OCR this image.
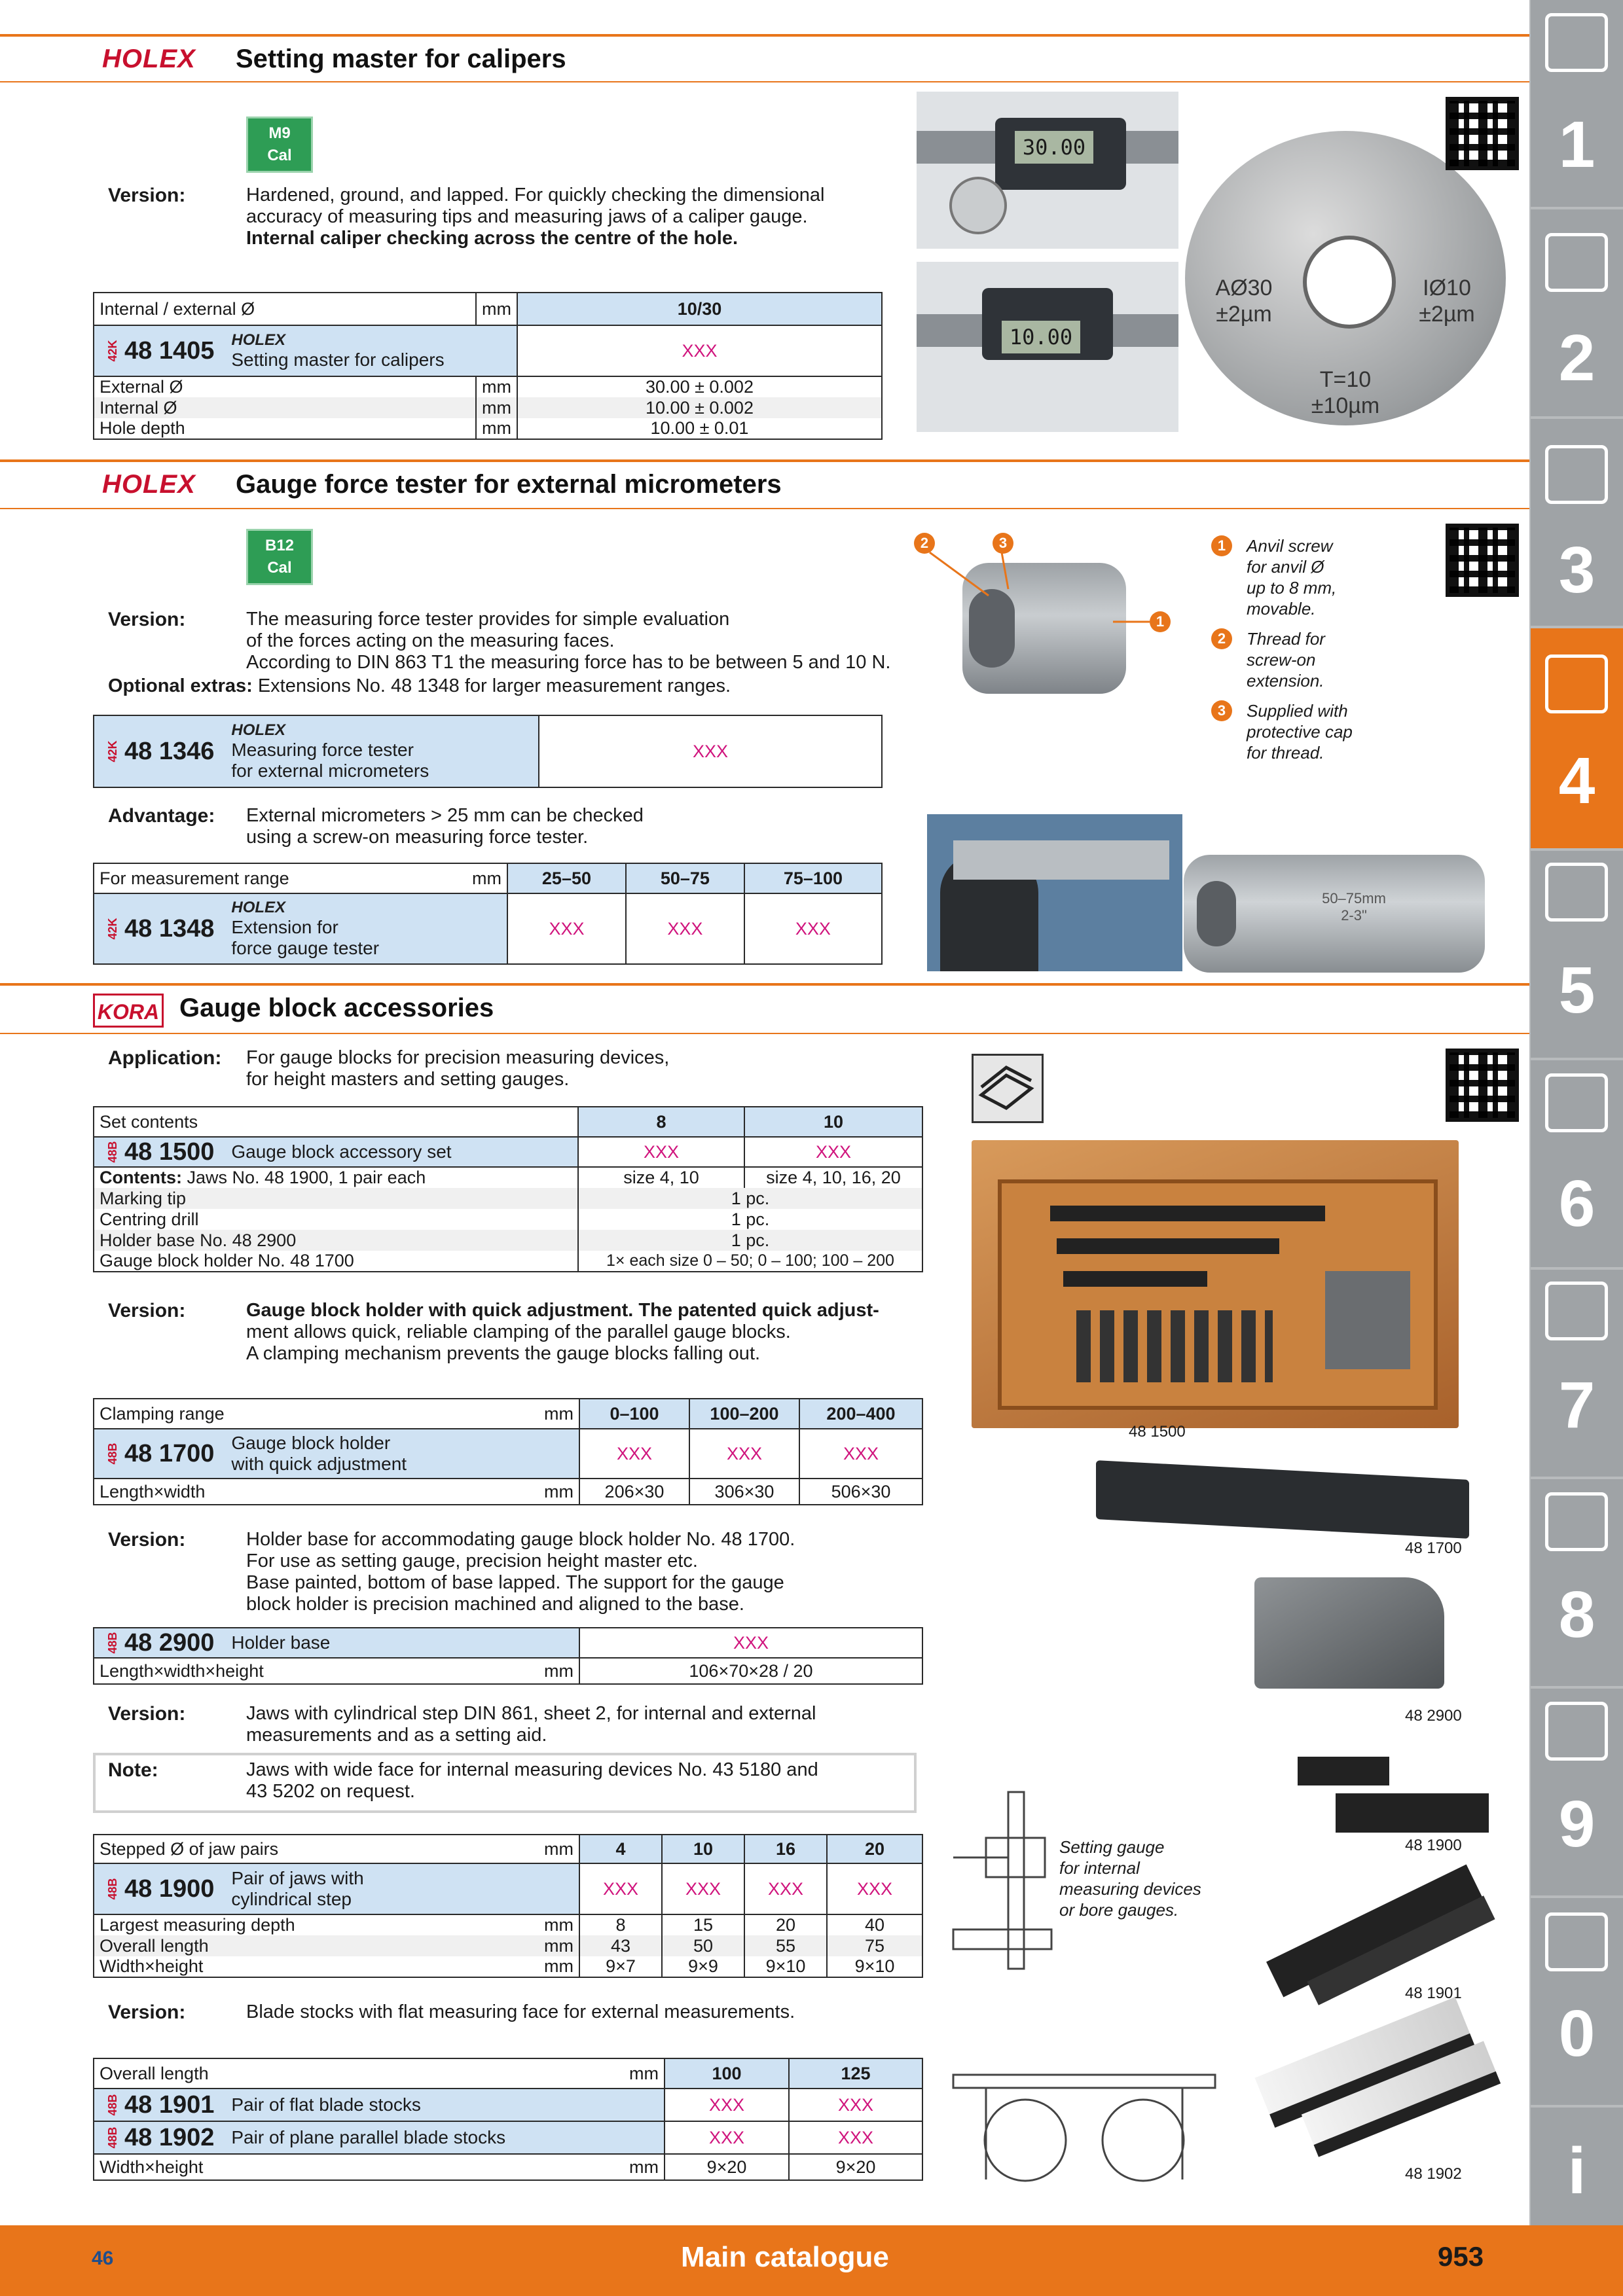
HOLEX Setting master for calipers
M9
Cal
Version:	Hardened, ground, and lapped. For quickly checking the dimensional
accuracy of measuring tips and measuring jaws of a caliper gauge.
Internal caliper checking across the centre of the hole.
Internal / external Ø	mm	10/30

42K 48 1405 HOLEX
Setting master for calipers		XXX
External Ø	mm	30.00 ± 0.002
Internal Ø	mm	10.00 ± 0.002
Hole depth	mm	10.00 ± 0.01
30.00
10.00
AØ30
±2µm
IØ10
±2µm
T=10
±10µm
HOLEX Gauge force tester for external micrometers
B12
Cal
Version:	The measuring force tester provides for simple evaluation
of the forces acting on the measuring faces.
According to DIN 863 T1 the measuring force has to be between 5 and 10 N.
Optional extras: Extensions No. 48 1348 for larger measurement ranges.
42K 48 1346
HOLEX
Measuring force tester
for external micrometers
	XXX
Advantage: External micrometers > 25 mm can be checked
using a screw-on measuring force tester.
For measurement range	mm	25–50	50–75	75–100

42K 48 1348
HOLEX
Extension for
force gauge tester		XXX	XXX	XXX
2	3
1
1	Anvil screw
for anvil Ø
up to 8 mm,
movable.
2	Thread for
screw-on
extension.
3	Supplied with
protective cap
for thread.
50–75mm
2-3"
KORA Gauge block accessories
Application: For gauge blocks for precision measuring devices,
for height masters and setting gauges.
Set contents	8	10

48B 48 1500 Gauge block accessory set	XXX	XXX
Contents: Jaws No. 48 1900, 1 pair each	size 4, 10	size 4, 10, 16, 20
Marking tip	1 pc.	
Centring drill	1 pc.	
Holder base No. 48 2900	1 pc.	
Gauge block holder No. 48 1700	1× each size 0 – 50; 0 – 100; 100 – 200	
Version:	Gauge block holder with quick adjustment. The patented quick adjust-
ment allows quick, reliable clamping of the parallel gauge blocks.
A clamping mechanism prevents the gauge blocks falling out.
Clamping range	mm	0–100	100–200	200–400

48B 48 1700 Gauge block holder
with quick adjustment		XXX	XXX	XXX
Length×width	mm	206×30	306×30	506×30
Version:	Holder base for accommodating gauge block holder No. 48 1700.
For use as setting gauge, precision height master etc.
Base painted, bottom of base lapped. The support for the gauge
block holder is precision machined and aligned to the base.
48B 48 2900 Holder base		XXX
Length×width×height	mm	106×70×28 / 20
Version:	Jaws with cylindrical step DIN 861, sheet 2, for internal and external
measurements and as a setting aid.
Note:	Jaws with wide face for internal measuring devices No. 43 5180 and
43 5202 on request.
Stepped Ø of jaw pairs	mm	4	10	16	20

48B 48 1900 Pair of jaws with
cylindrical step		XXX	XXX	XXX	XXX
Largest measuring depth	mm	8	15	20	40
Overall length	mm	43	50	55	75
Width×height	mm	9×7	9×9	9×10	9×10
Version:	Blade stocks with flat measuring face for external measurements.
Overall length	mm	100	125

48B 48 1901 Pair of flat blade stocks		XXX	XXX

48B 48 1902 Pair of plane parallel blade stocks		XXX	XXX
Width×height	mm	9×20	9×20
48 1500
48 1700
48 2900
48 1900
Setting gauge
for internal
measuring devices
or bore gauges.
48 1901
48 1902
1
2
3
4
5
6
7
8
9
0
i
46	Main catalogue	953
